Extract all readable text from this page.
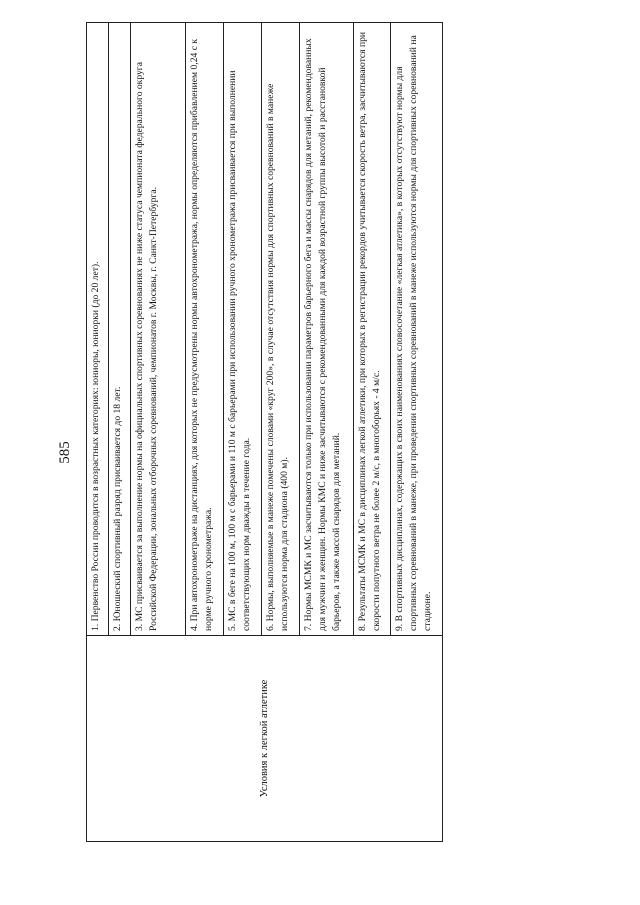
585
Условия к легкой атлетике
1. Первенство России проводится в возрастных категориях: юниоры, юниорки (до 20 лет).	2. Юношеский спортивный разряд присваивается до 18 лет.	3. МС присваивается за выполнение нормы на официальных спортивных соревнованиях не ниже статуса чемпионата федерального округа Российской Федерации, зональных отборочных соревнований, чемпионатов г. Москвы, г. Санкт-Петербурга.	4. При автохронометраже на дистанциях, для которых не предусмотрены нормы автохронометража, нормы определяются прибавлением 0,24 с к норме ручного хронометража.	5. МС в беге на 100 м, 100 м с барьерами и 110 м с барьерами при использовании ручного хронометража присваивается при выполнении соответствующих норм дважды в течение года.	6. Нормы, выполняемые в манеже помечены словами «круг 200», в случае отсутствия нормы для спортивных соревнований в манеже используются норма для стадиона (400 м).	7. Нормы МСМК и МС засчитываются только при использовании параметров барьерного бега и массы снарядов для метаний, рекомендованных для мужчин и женщин. Нормы КМС и ниже засчитываются с рекомендованными для каждой возрастной группы высотой и расстановкой барьеров, а также массой снарядов для метаний.	8. Результаты МСМК и МС в дисциплинах легкой атлетики, при которых в регистрации рекордов учитывается скорость ветра, засчитываются при скорости попутного ветра не более 2 м/с, в многоборьях - 4 м/с.	9. В спортивных дисциплинах, содержащих в своих наименованиях словосочетание «легкая атлетика», в которых отсутствуют нормы для спортивных соревнований в манеже, при проведении спортивных соревнований в манеже используются нормы для спортивных соревнований на стадионе.
